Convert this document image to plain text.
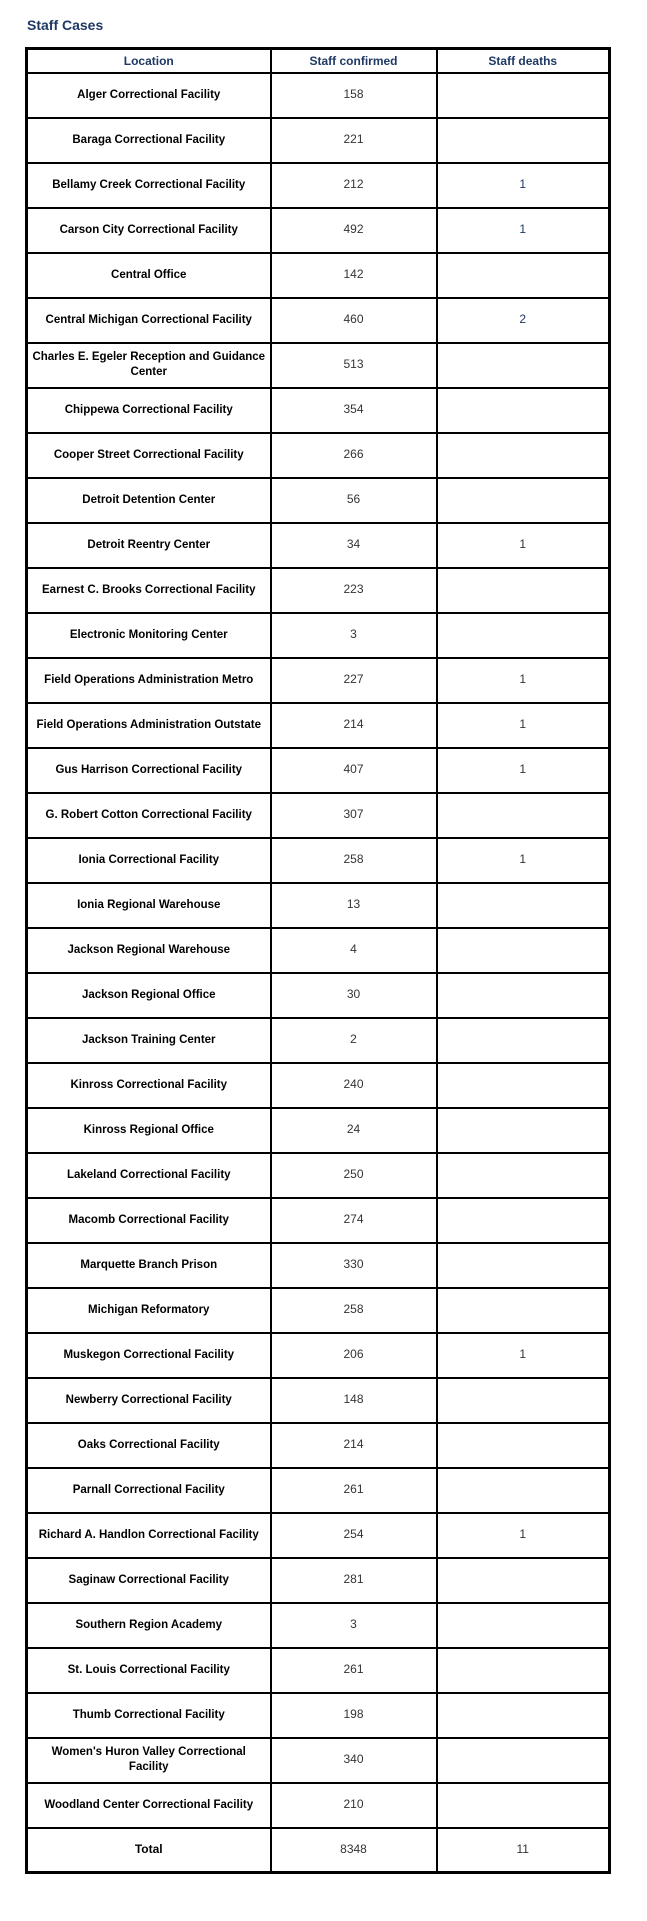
Staff Cases
Location	Staff confirmed	Staff deaths
Alger Correctional Facility	158	
Baraga Correctional Facility	221	
Bellamy Creek Correctional Facility	212	1
Carson City Correctional Facility	492	1
Central Office	142	
Central Michigan Correctional Facility	460	2
Charles E. Egeler Reception and Guidance Center	513	
Chippewa Correctional Facility	354	
Cooper Street Correctional Facility	266	
Detroit Detention Center	56	
Detroit Reentry Center	34	1
Earnest C. Brooks Correctional Facility	223	
Electronic Monitoring Center	3	
Field Operations Administration Metro	227	1
Field Operations Administration Outstate	214	1
Gus Harrison Correctional Facility	407	1
G. Robert Cotton Correctional Facility	307	
Ionia Correctional Facility	258	1
Ionia Regional Warehouse	13	
Jackson Regional Warehouse	4	
Jackson Regional Office	30	
Jackson Training Center	2	
Kinross Correctional Facility	240	
Kinross Regional Office	24	
Lakeland Correctional Facility	250	
Macomb Correctional Facility	274	
Marquette Branch Prison	330	
Michigan Reformatory	258	
Muskegon Correctional Facility	206	1
Newberry Correctional Facility	148	
Oaks Correctional Facility	214	
Parnall Correctional Facility	261	
Richard A. Handlon Correctional Facility	254	1
Saginaw Correctional Facility	281	
Southern Region Academy	3	
St. Louis Correctional Facility	261	
Thumb Correctional Facility	198	
Women's Huron Valley Correctional Facility	340	
Woodland Center Correctional Facility	210	
Total	8348	11
